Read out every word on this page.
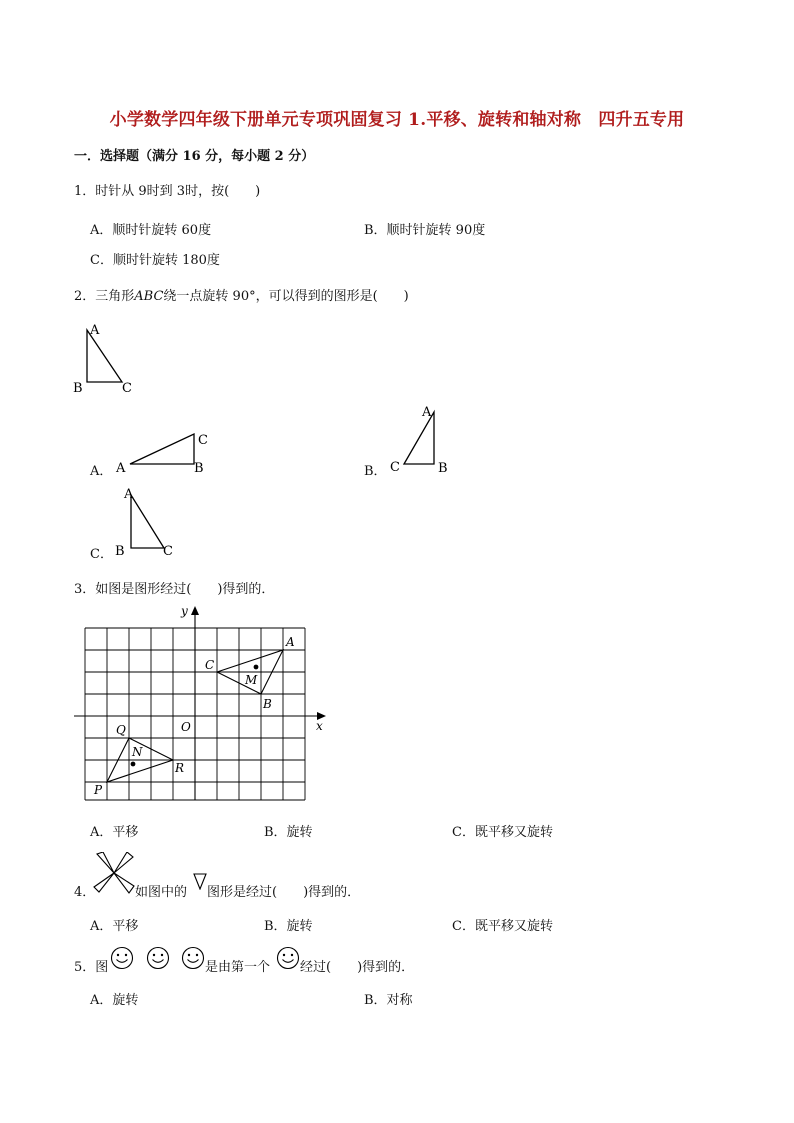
小学数学四年级下册单元专项巩固复习 1.平移、旋转和轴对称　四升五专用
一．选择题（满分 16 分，每小题 2 分）
1．时针从 9时到 3时，按(　　)
A．顺时针旋转 60度	B．顺时针旋转 90度
C．顺时针旋转 180度
2．三角形ABC绕一点旋转 90°，可以得到的图形是(　　)
A
B	C
A． A
C
B	B．
A
C	B
C．
A
B	C
3．如图是图形经过(　　)得到的．
y
x
O
A
B
C
M
N
P
Q
R
A．平移	B．旋转	C．既平移又旋转
4．	如图中的 图形是经过(　　)得到的．
A．平移	B．旋转	C．既平移又旋转
5．图	是由第一个 经过(　　)得到的．
A．旋转	B．对称
